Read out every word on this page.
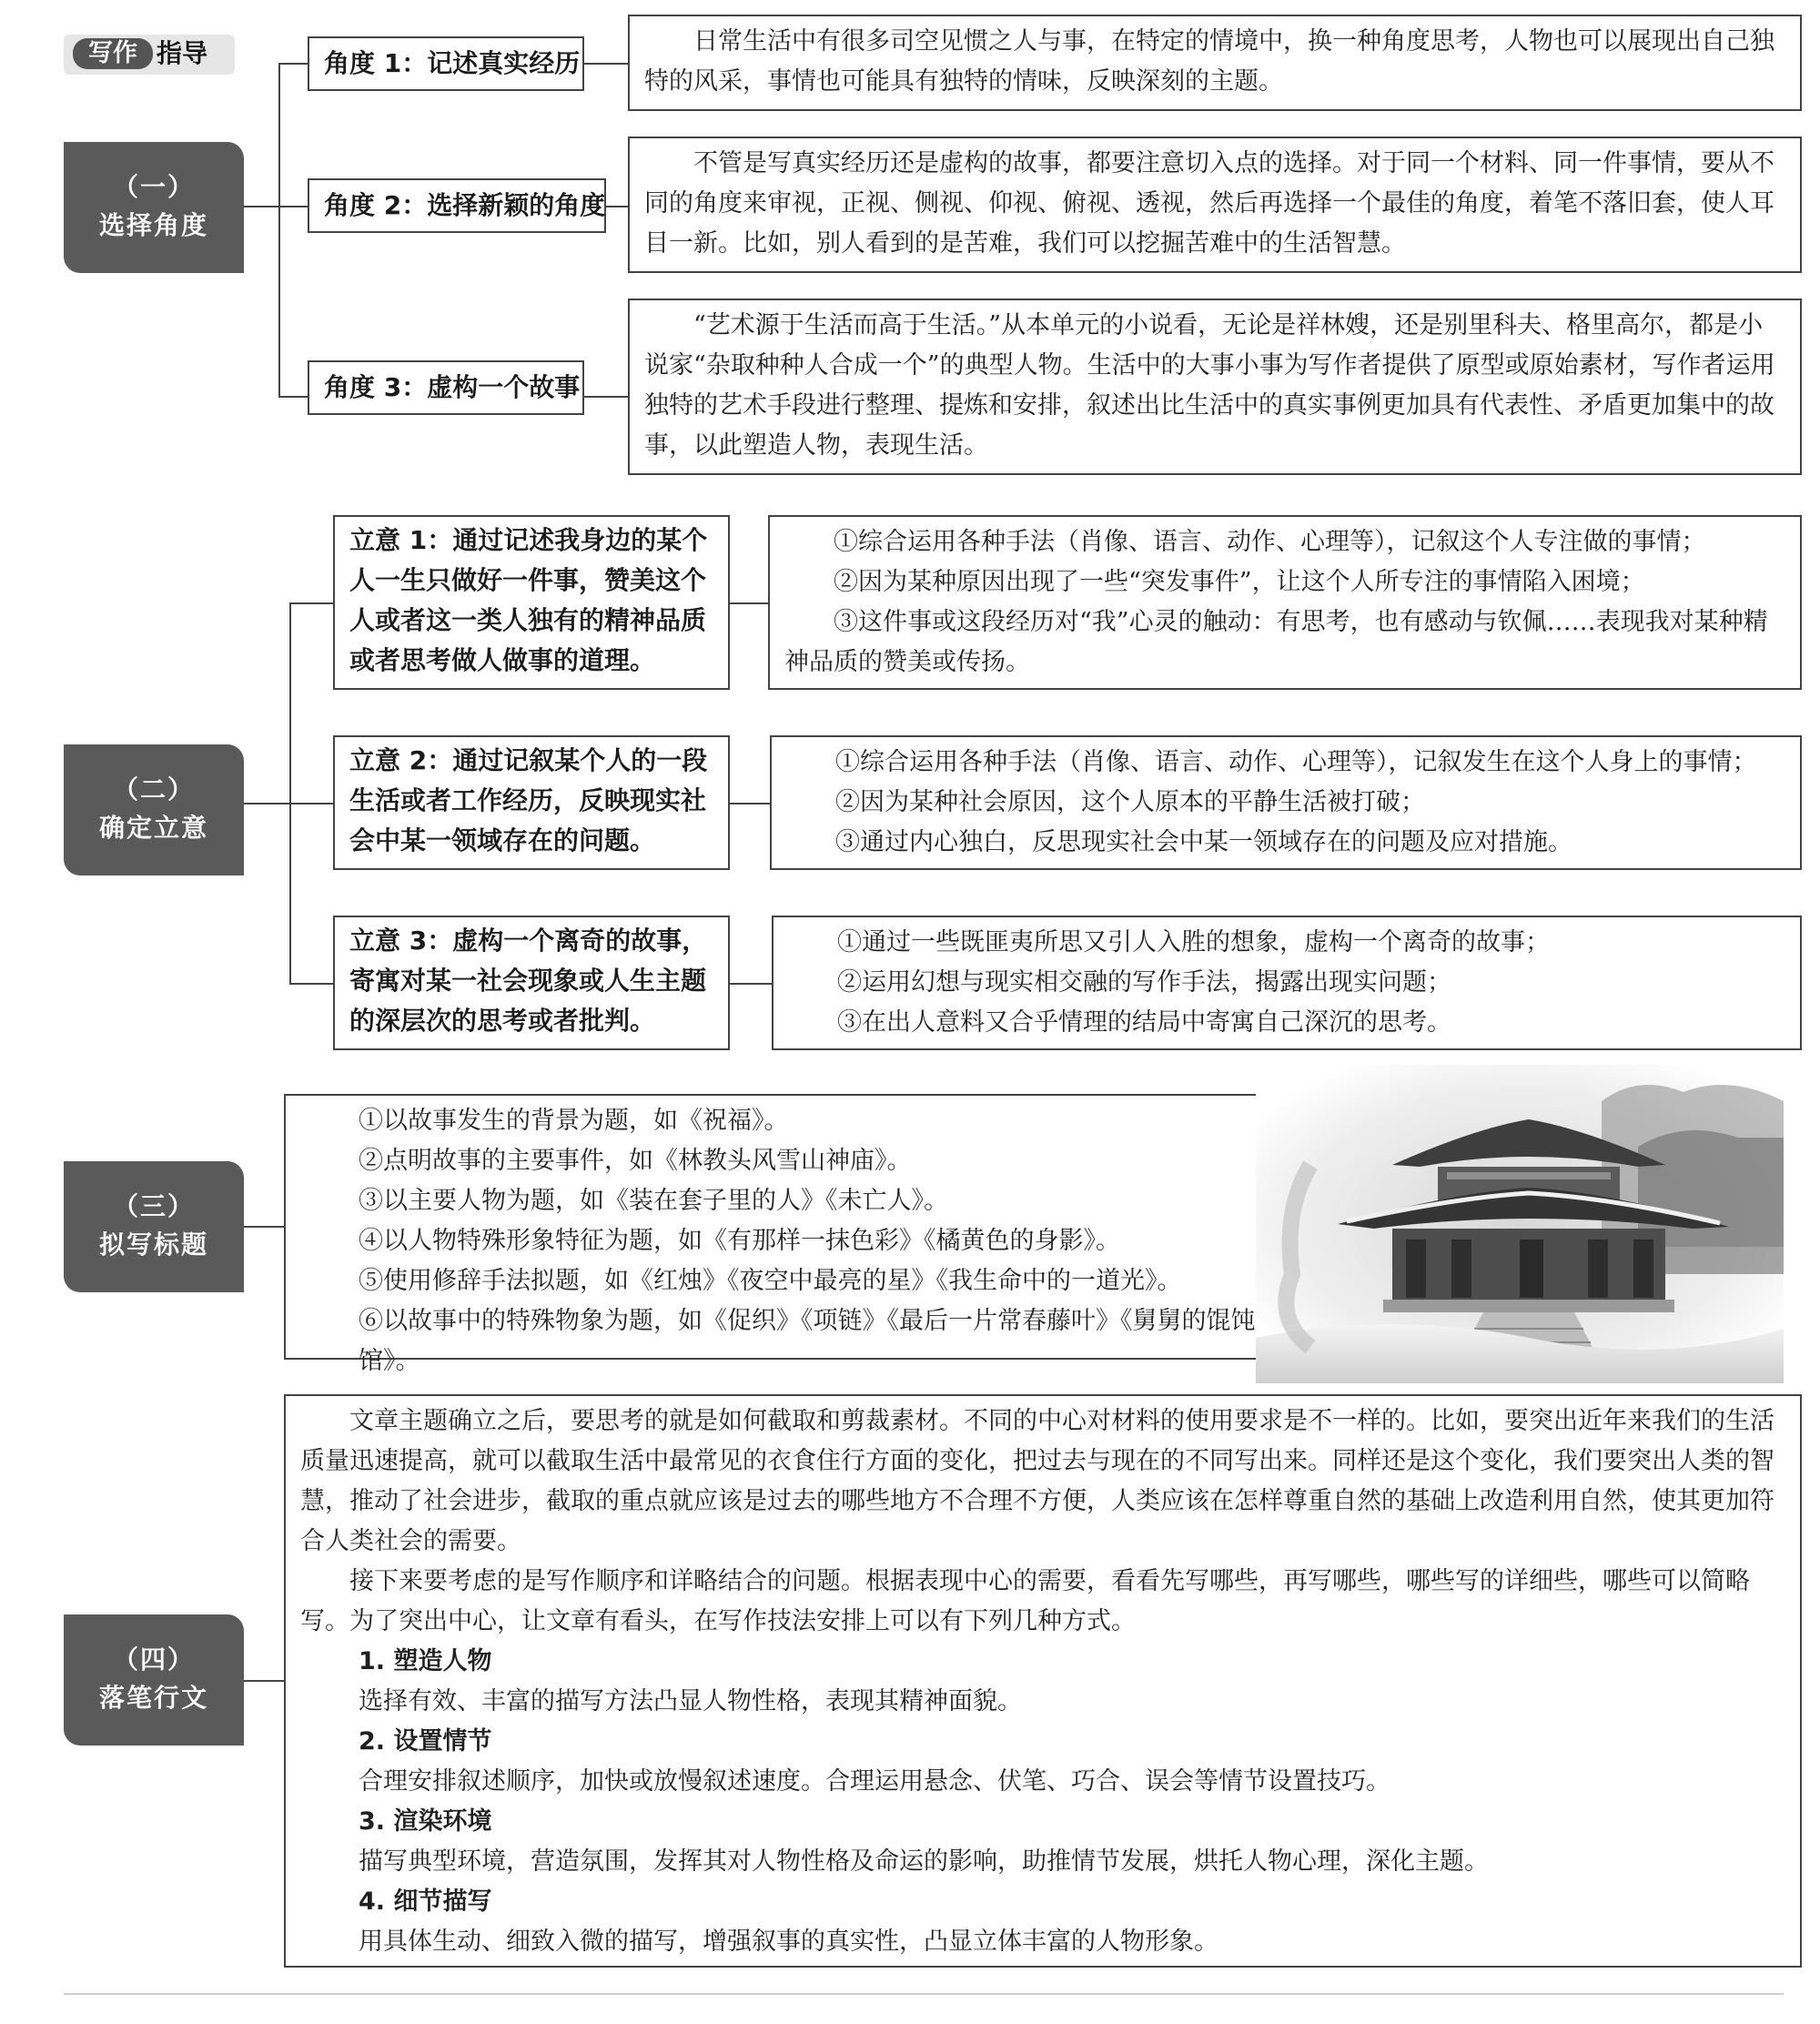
写作 指导
（一）
选择角度
（二）
确定立意
（三）
拟写标题
（四）
落笔行文
角度 1：记述真实经历
角度 2：选择新颖的角度
角度 3：虚构一个故事

日常生活中有很多司空见惯之人与事，在特定的情境中，换一种角度思考，人物也可以展现出自己独特的风采，事情也可能具有独特的情味，反映深刻的主题。

不管是写真实经历还是虚构的故事，都要注意切入点的选择。对于同一个材料、同一件事情，要从不同的角度来审视，正视、侧视、仰视、俯视、透视，然后再选择一个最佳的角度，着笔不落旧套，使人耳目一新。比如，别人看到的是苦难，我们可以挖掘苦难中的生活智慧。

“艺术源于生活而高于生活。”从本单元的小说看，无论是祥林嫂，还是别里科夫、格里高尔，都是小说家“杂取种种人合成一个”的典型人物。生活中的大事小事为写作者提供了原型或原始素材，写作者运用独特的艺术手段进行整理、提炼和安排，叙述出比生活中的真实事例更加具有代表性、矛盾更加集中的故事，以此塑造人物，表现生活。

立意 1：通过记述我身边的某个人一生只做好一件事，赞美这个人或者这一类人独有的精神品质或者思考做人做事的道理。
立意 2：通过记叙某个人的一段生活或者工作经历，反映现实社会中某一领域存在的问题。
立意 3：虚构一个离奇的故事，寄寓对某一社会现象或人生主题的深层次的思考或者批判。

①综合运用各种手法（肖像、语言、动作、心理等），记叙这个人专注做的事情；

②因为某种原因出现了一些“突发事件”，让这个人所专注的事情陷入困境；

③这件事或这段经历对“我”心灵的触动：有思考，也有感动与钦佩……表现我对某种精神品质的赞美或传扬。

①综合运用各种手法（肖像、语言、动作、心理等），记叙发生在这个人身上的事情；

②因为某种社会原因，这个人原本的平静生活被打破；

③通过内心独白，反思现实社会中某一领域存在的问题及应对措施。

①通过一些既匪夷所思又引人入胜的想象，虚构一个离奇的故事；

②运用幻想与现实相交融的写作手法，揭露出现实问题；

③在出人意料又合乎情理的结局中寄寓自己深沉的思考。

①以故事发生的背景为题，如《祝福》。

②点明故事的主要事件，如《林教头风雪山神庙》。

③以主要人物为题，如《装在套子里的人》《未亡人》。

④以人物特殊形象特征为题，如《有那样一抹色彩》《橘黄色的身影》。

⑤使用修辞手法拟题，如《红烛》《夜空中最亮的星》《我生命中的一道光》。

⑥以故事中的特殊物象为题，如《促织》《项链》《最后一片常春藤叶》《舅舅的馄饨馆》。

文章主题确立之后，要思考的就是如何截取和剪裁素材。不同的中心对材料的使用要求是不一样的。比如，要突出近年来我们的生活质量迅速提高，就可以截取生活中最常见的衣食住行方面的变化，把过去与现在的不同写出来。同样还是这个变化，我们要突出人类的智慧，推动了社会进步，截取的重点就应该是过去的哪些地方不合理不方便，人类应该在怎样尊重自然的基础上改造利用自然，使其更加符合人类社会的需要。

接下来要考虑的是写作顺序和详略结合的问题。根据表现中心的需要，看看先写哪些，再写哪些，哪些写的详细些，哪些可以简略写。为了突出中心，让文章有看头，在写作技法安排上可以有下列几种方式。

1. 塑造人物

选择有效、丰富的描写方法凸显人物性格，表现其精神面貌。

2. 设置情节

合理安排叙述顺序，加快或放慢叙述速度。合理运用悬念、伏笔、巧合、误会等情节设置技巧。

3. 渲染环境

描写典型环境，营造氛围，发挥其对人物性格及命运的影响，助推情节发展，烘托人物心理，深化主题。

4. 细节描写

用具体生动、细致入微的描写，增强叙事的真实性，凸显立体丰富的人物形象。
